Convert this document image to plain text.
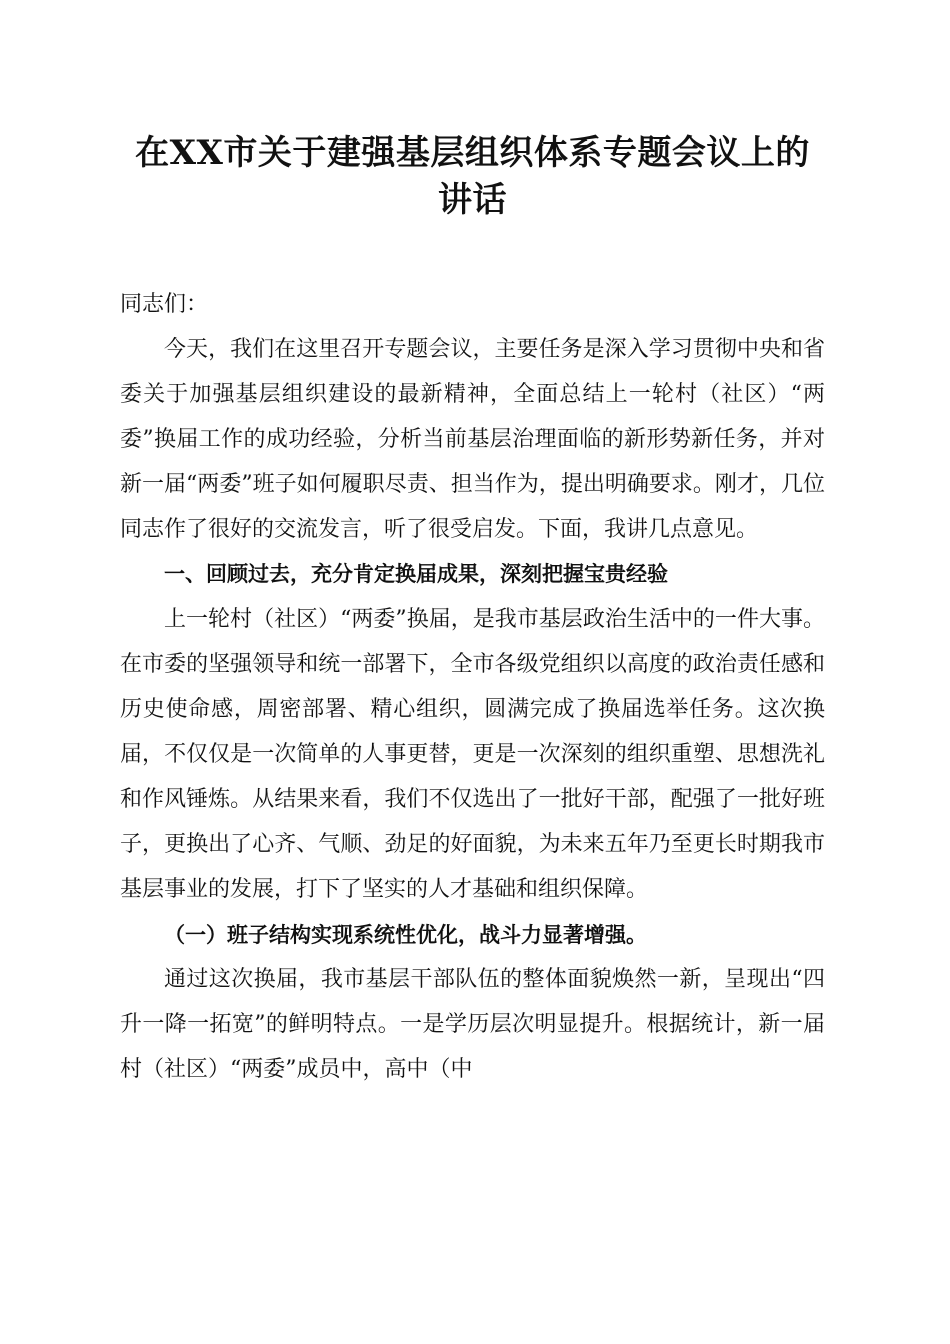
在XX市关于建强基层组织体系专题会议上的讲话

同志们：

今天，我们在这里召开专题会议，主要任务是深入学习贯彻中央和省委关于加强基层组织建设的最新精神，全面总结上一轮村（社区）“两委”换届工作的成功经验，分析当前基层治理面临的新形势新任务，并对新一届“两委”班子如何履职尽责、担当作为，提出明确要求。刚才，几位同志作了很好的交流发言，听了很受启发。下面，我讲几点意见。

一、回顾过去，充分肯定换届成果，深刻把握宝贵经验

上一轮村（社区）“两委”换届，是我市基层政治生活中的一件大事。在市委的坚强领导和统一部署下，全市各级党组织以高度的政治责任感和历史使命感，周密部署、精心组织，圆满完成了换届选举任务。这次换届，不仅仅是一次简单的人事更替，更是一次深刻的组织重塑、思想洗礼和作风锤炼。从结果来看，我们不仅选出了一批好干部，配强了一批好班子，更换出了心齐、气顺、劲足的好面貌，为未来五年乃至更长时期我市基层事业的发展，打下了坚实的人才基础和组织保障。

（一）班子结构实现系统性优化，战斗力显著增强。

通过这次换届，我市基层干部队伍的整体面貌焕然一新，呈现出“四升一降一拓宽”的鲜明特点。一是学历层次明显提升。根据统计，新一届村（社区）“两委”成员中，高中（中
